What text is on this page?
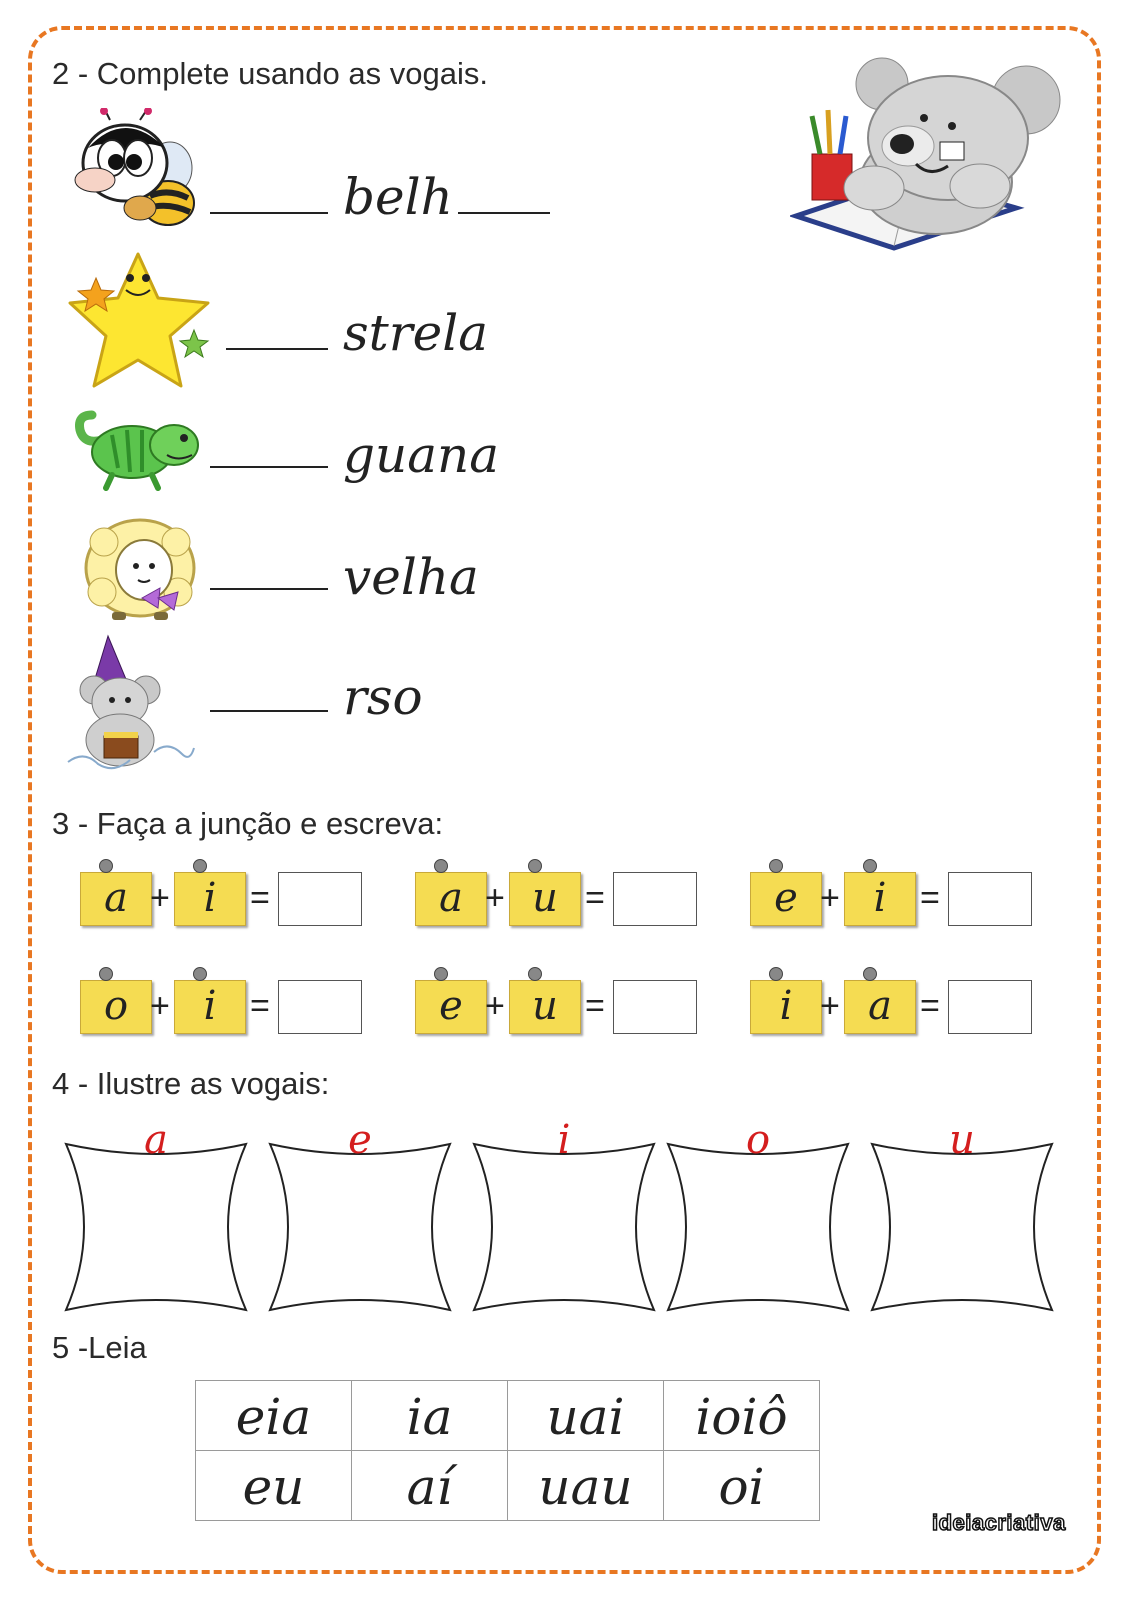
2 - Complete usando as vogais.
belh
strela
guana
velha
rso
3 - Faça a junção e escreva:
a + i =	a + u =	e + i =
o + i =	e + u =	i + a =
4 - Ilustre as vogais:
a	e	i	o	u
5 -Leia
eia	ia	uai	ioiô
eu	aí	uau	oi
ideiacriativa
